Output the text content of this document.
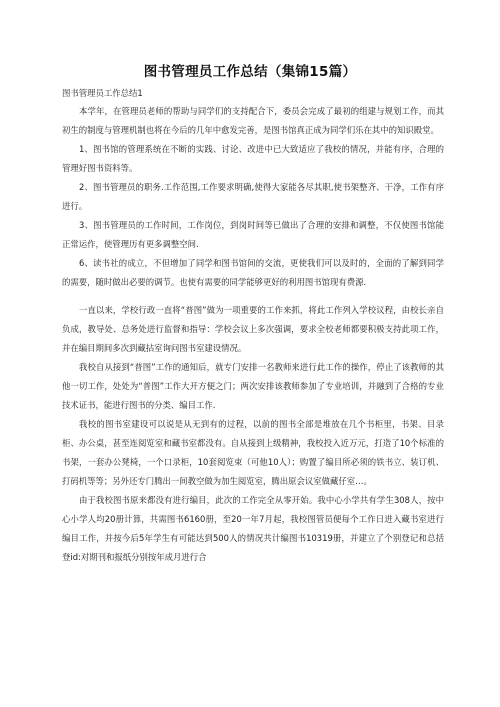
图书管理员工作总结（集锦15篇）

图书管理员工作总结1

本学年，在管理员老师的帮助与同学们的支持配合下，委员会完成了最初的组建与规划工作，而其初生的制度与管理机制也将在今后的几年中愈发完善，是图书馆真正成为同学们乐在其中的知识殿堂。

1、图书馆的管理系统在不断的实践、讨论、改进中已大致适应了我校的情况，并能有序，合理的管理好图书资料等。

2、图书管理员的职务.工作范围,工作要求明确,使得大家能各尽其职,使书架整齐、干净，工作有序进行。

3、图书管理员的工作时间，工作岗位，到岗时间等已做出了合理的安排和调整，不仅使图书馆能正常运作，使管理历有更多调整空间.

6、读书社的成立，不但增加了同学和图书馆间的交流，更使我们可以及时的，全面的了解到同学的需要，随时做出必要的调节。也使有需要的同学能够更好的利用图书馆现有费源.

一直以来，学校行政一直将“普图”做为一项重要的工作来抓，将此工作列入学校议程，由校长亲自负成，教导处、总务处进行监督和指导：学校会议上多次强调，要求全校老师都要积极支持此项工作，并在编目期间多次到藏拈室询问图书室建设情况。

我校自从接到“普图”工作的通知后，就专门安排一名教师来进行此工作的操作，停止了该教师的其他一切工作，处处为“普图”工作大开方便之门；两次安排该教师参加了专业培训，并融到了合格的专业技术证书，能进行图书的分类、编目工作.

我校的图书室建设可以说是从无到有的过程，以前的图书全部是堆放在几个书柜里，书架、目录柜、办公桌，甚至连阅览室和藏书室都没有。自从接到上级精神，我校投入近万元，打造了10个标准的书架，一套办公凳椅，一个口录柜，10套阅览束（可他10人）；购置了编目所必须的铁书立、装订机、打码机等等；另外还专门腾出一间教空做为加生阅览室，腾出原会议室做藏仔室…。

由于我校图书原来都没有进行编目，此次的工作完全从零开始。我中心小学共有学生308人，按中心小学人均20册计算，共需图书6160册，至20一年7月起，我校图管员便每个工作日进入藏书室进行编目工作，并按今后5年学生有可能达到500人的情况共计编图书10319册，并建立了个别登记和总括登id:对期刊和报纸分别按年成月进行合
